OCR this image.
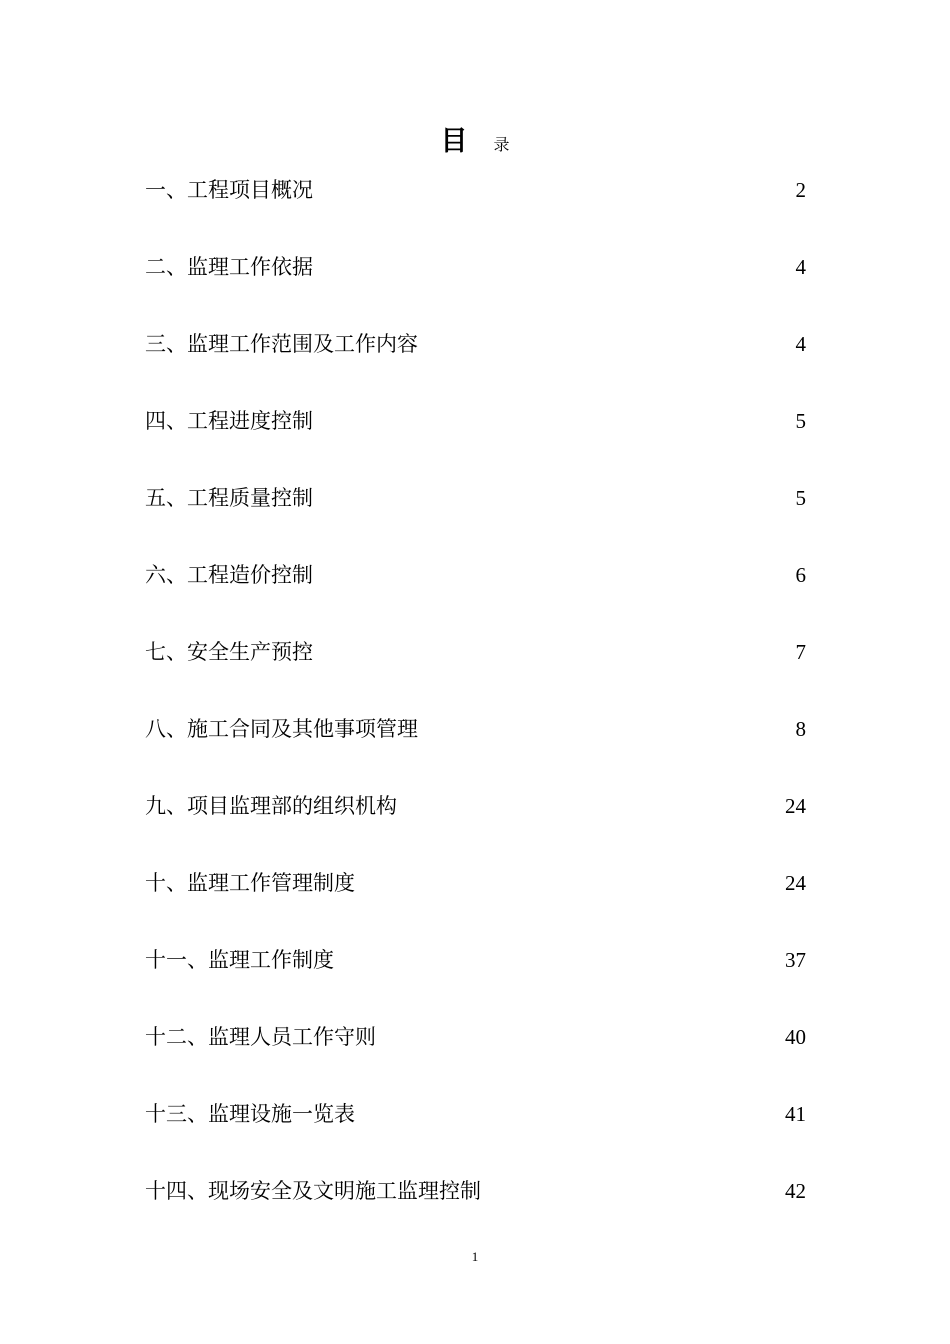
目 录
一、工程项目概况	2
二、监理工作依据	4
三、监理工作范围及工作内容	4
四、工程进度控制	5
五、工程质量控制	5
六、工程造价控制	6
七、安全生产预控	7
八、施工合同及其他事项管理	8
九、项目监理部的组织机构	24
十、监理工作管理制度	24
十一、监理工作制度	37
十二、监理人员工作守则	40
十三、监理设施一览表	41
十四、现场安全及文明施工监理控制	42
1
